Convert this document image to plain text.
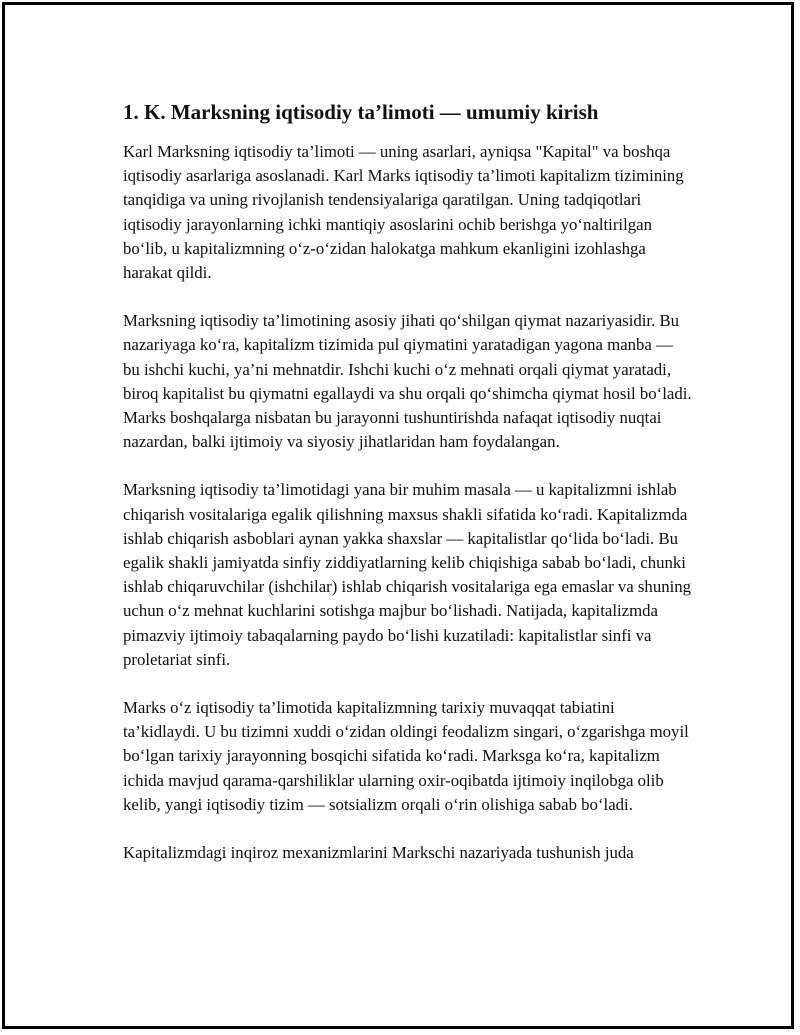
1. K. Marksning iqtisodiy ta’limoti — umumiy kirish

Karl Marksning iqtisodiy ta’limoti — uning asarlari, ayniqsa "Kapital" va boshqa iqtisodiy asarlariga asoslanadi. Karl Marks iqtisodiy ta’limoti kapitalizm tizimining tanqidiga va uning rivojlanish tendensiyalariga qaratilgan. Uning tadqiqotlari iqtisodiy jarayonlarning ichki mantiqiy asoslarini ochib berishga yo‘naltirilgan bo‘lib, u kapitalizmning o‘z-o‘zidan halokatga mahkum ekanligini izohlashga harakat qildi.

Marksning iqtisodiy ta’limotining asosiy jihati qo‘shilgan qiymat nazariyasidir. Bu nazariyaga ko‘ra, kapitalizm tizimida pul qiymatini yaratadigan yagona manba — bu ishchi kuchi, ya’ni mehnatdir. Ishchi kuchi o‘z mehnati orqali qiymat yaratadi, biroq kapitalist bu qiymatni egallaydi va shu orqali qo‘shimcha qiymat hosil bo‘ladi. Marks boshqalarga nisbatan bu jarayonni tushuntirishda nafaqat iqtisodiy nuqtai nazardan, balki ijtimoiy va siyosiy jihatlaridan ham foydalangan.

Marksning iqtisodiy ta’limotidagi yana bir muhim masala — u kapitalizmni ishlab chiqarish vositalariga egalik qilishning maxsus shakli sifatida ko‘radi. Kapitalizmda ishlab chiqarish asboblari aynan yakka shaxslar — kapitalistlar qo‘lida bo‘ladi. Bu egalik shakli jamiyatda sinfiy ziddiyatlarning kelib chiqishiga sabab bo‘ladi, chunki ishlab chiqaruvchilar (ishchilar) ishlab chiqarish vositalariga ega emaslar va shuning uchun o‘z mehnat kuchlarini sotishga majbur bo‘lishadi. Natijada, kapitalizmda pimazviy ijtimoiy tabaqalarning paydo bo‘lishi kuzatiladi: kapitalistlar sinfi va proletariat sinfi.

Marks o‘z iqtisodiy ta’limotida kapitalizmning tarixiy muvaqqat tabiatini ta’kidlaydi. U bu tizimni xuddi o‘zidan oldingi feodalizm singari, o‘zgarishga moyil bo‘lgan tarixiy jarayonning bosqichi sifatida ko‘radi. Marksga ko‘ra, kapitalizm ichida mavjud qarama-qarshiliklar ularning oxir-oqibatda ijtimoiy inqilobga olib kelib, yangi iqtisodiy tizim — sotsializm orqali o‘rin olishiga sabab bo‘ladi.

Kapitalizmdagi inqiroz mexanizmlarini Markschi nazariyada tushunish juda
